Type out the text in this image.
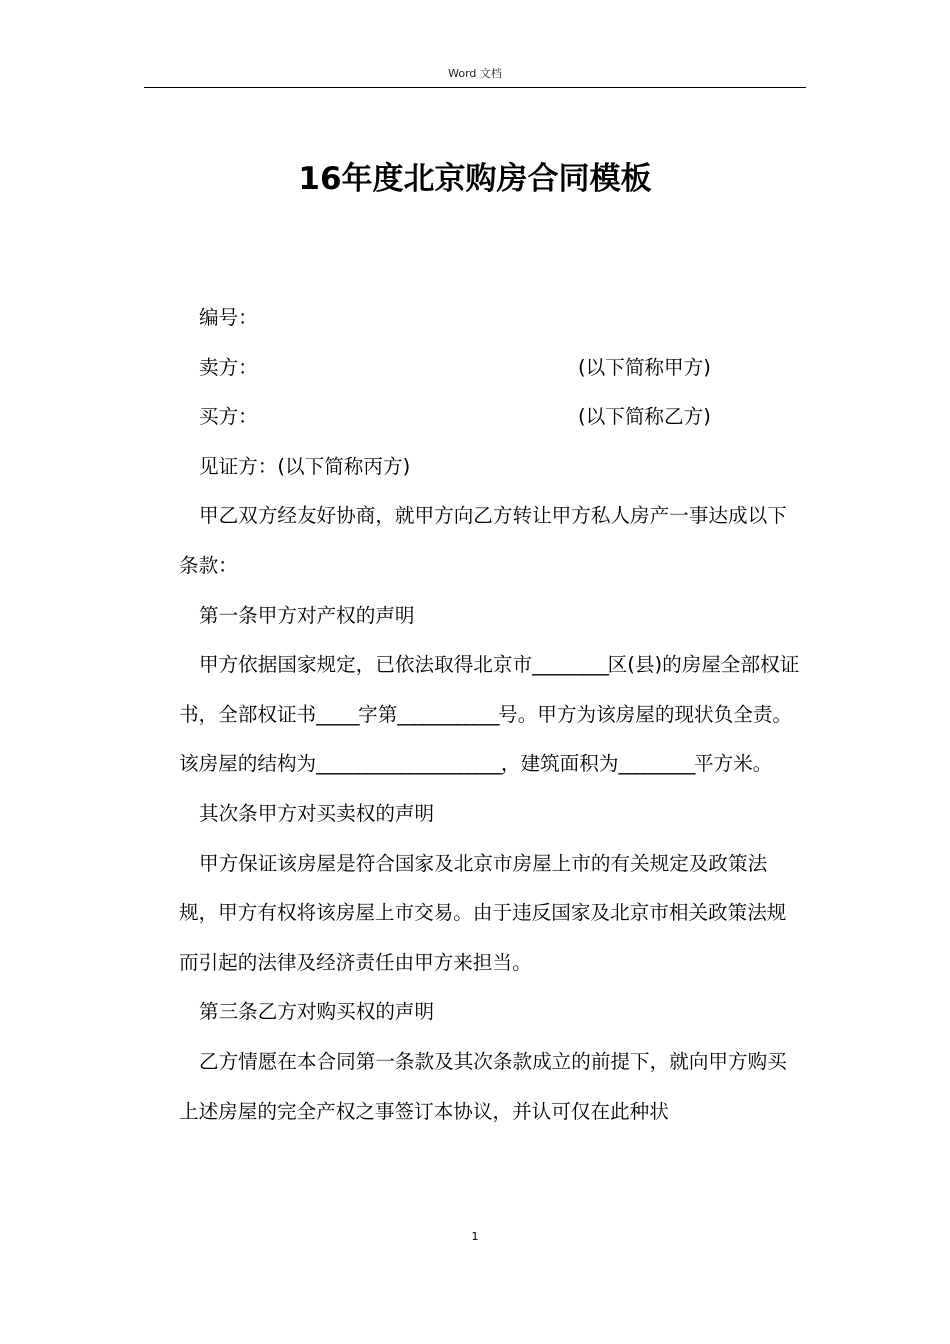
Word 文档
16年度北京购房合同模板

编号：

卖方：	(以下简称甲方)
买方：	(以下简称乙方)

见证方：(以下简称丙方)

甲乙双方经友好协商，就甲方向乙方转让甲方私人房产一事达成以下条款：

第一条甲方对产权的声明

甲方依据国家规定，已依法取得北京市_________区(县)的房屋全部权证书，全部权证书_____字第____________号。甲方为该房屋的现状负全责。该房屋的结构为______________________，建筑面积为_________平方米。

其次条甲方对买卖权的声明

甲方保证该房屋是符合国家及北京市房屋上市的有关规定及政策法规，甲方有权将该房屋上市交易。由于违反国家及北京市相关政策法规而引起的法律及经济责任由甲方来担当。

第三条乙方对购买权的声明

乙方情愿在本合同第一条款及其次条款成立的前提下，就向甲方购买上述房屋的完全产权之事签订本协议，并认可仅在此种状

1
